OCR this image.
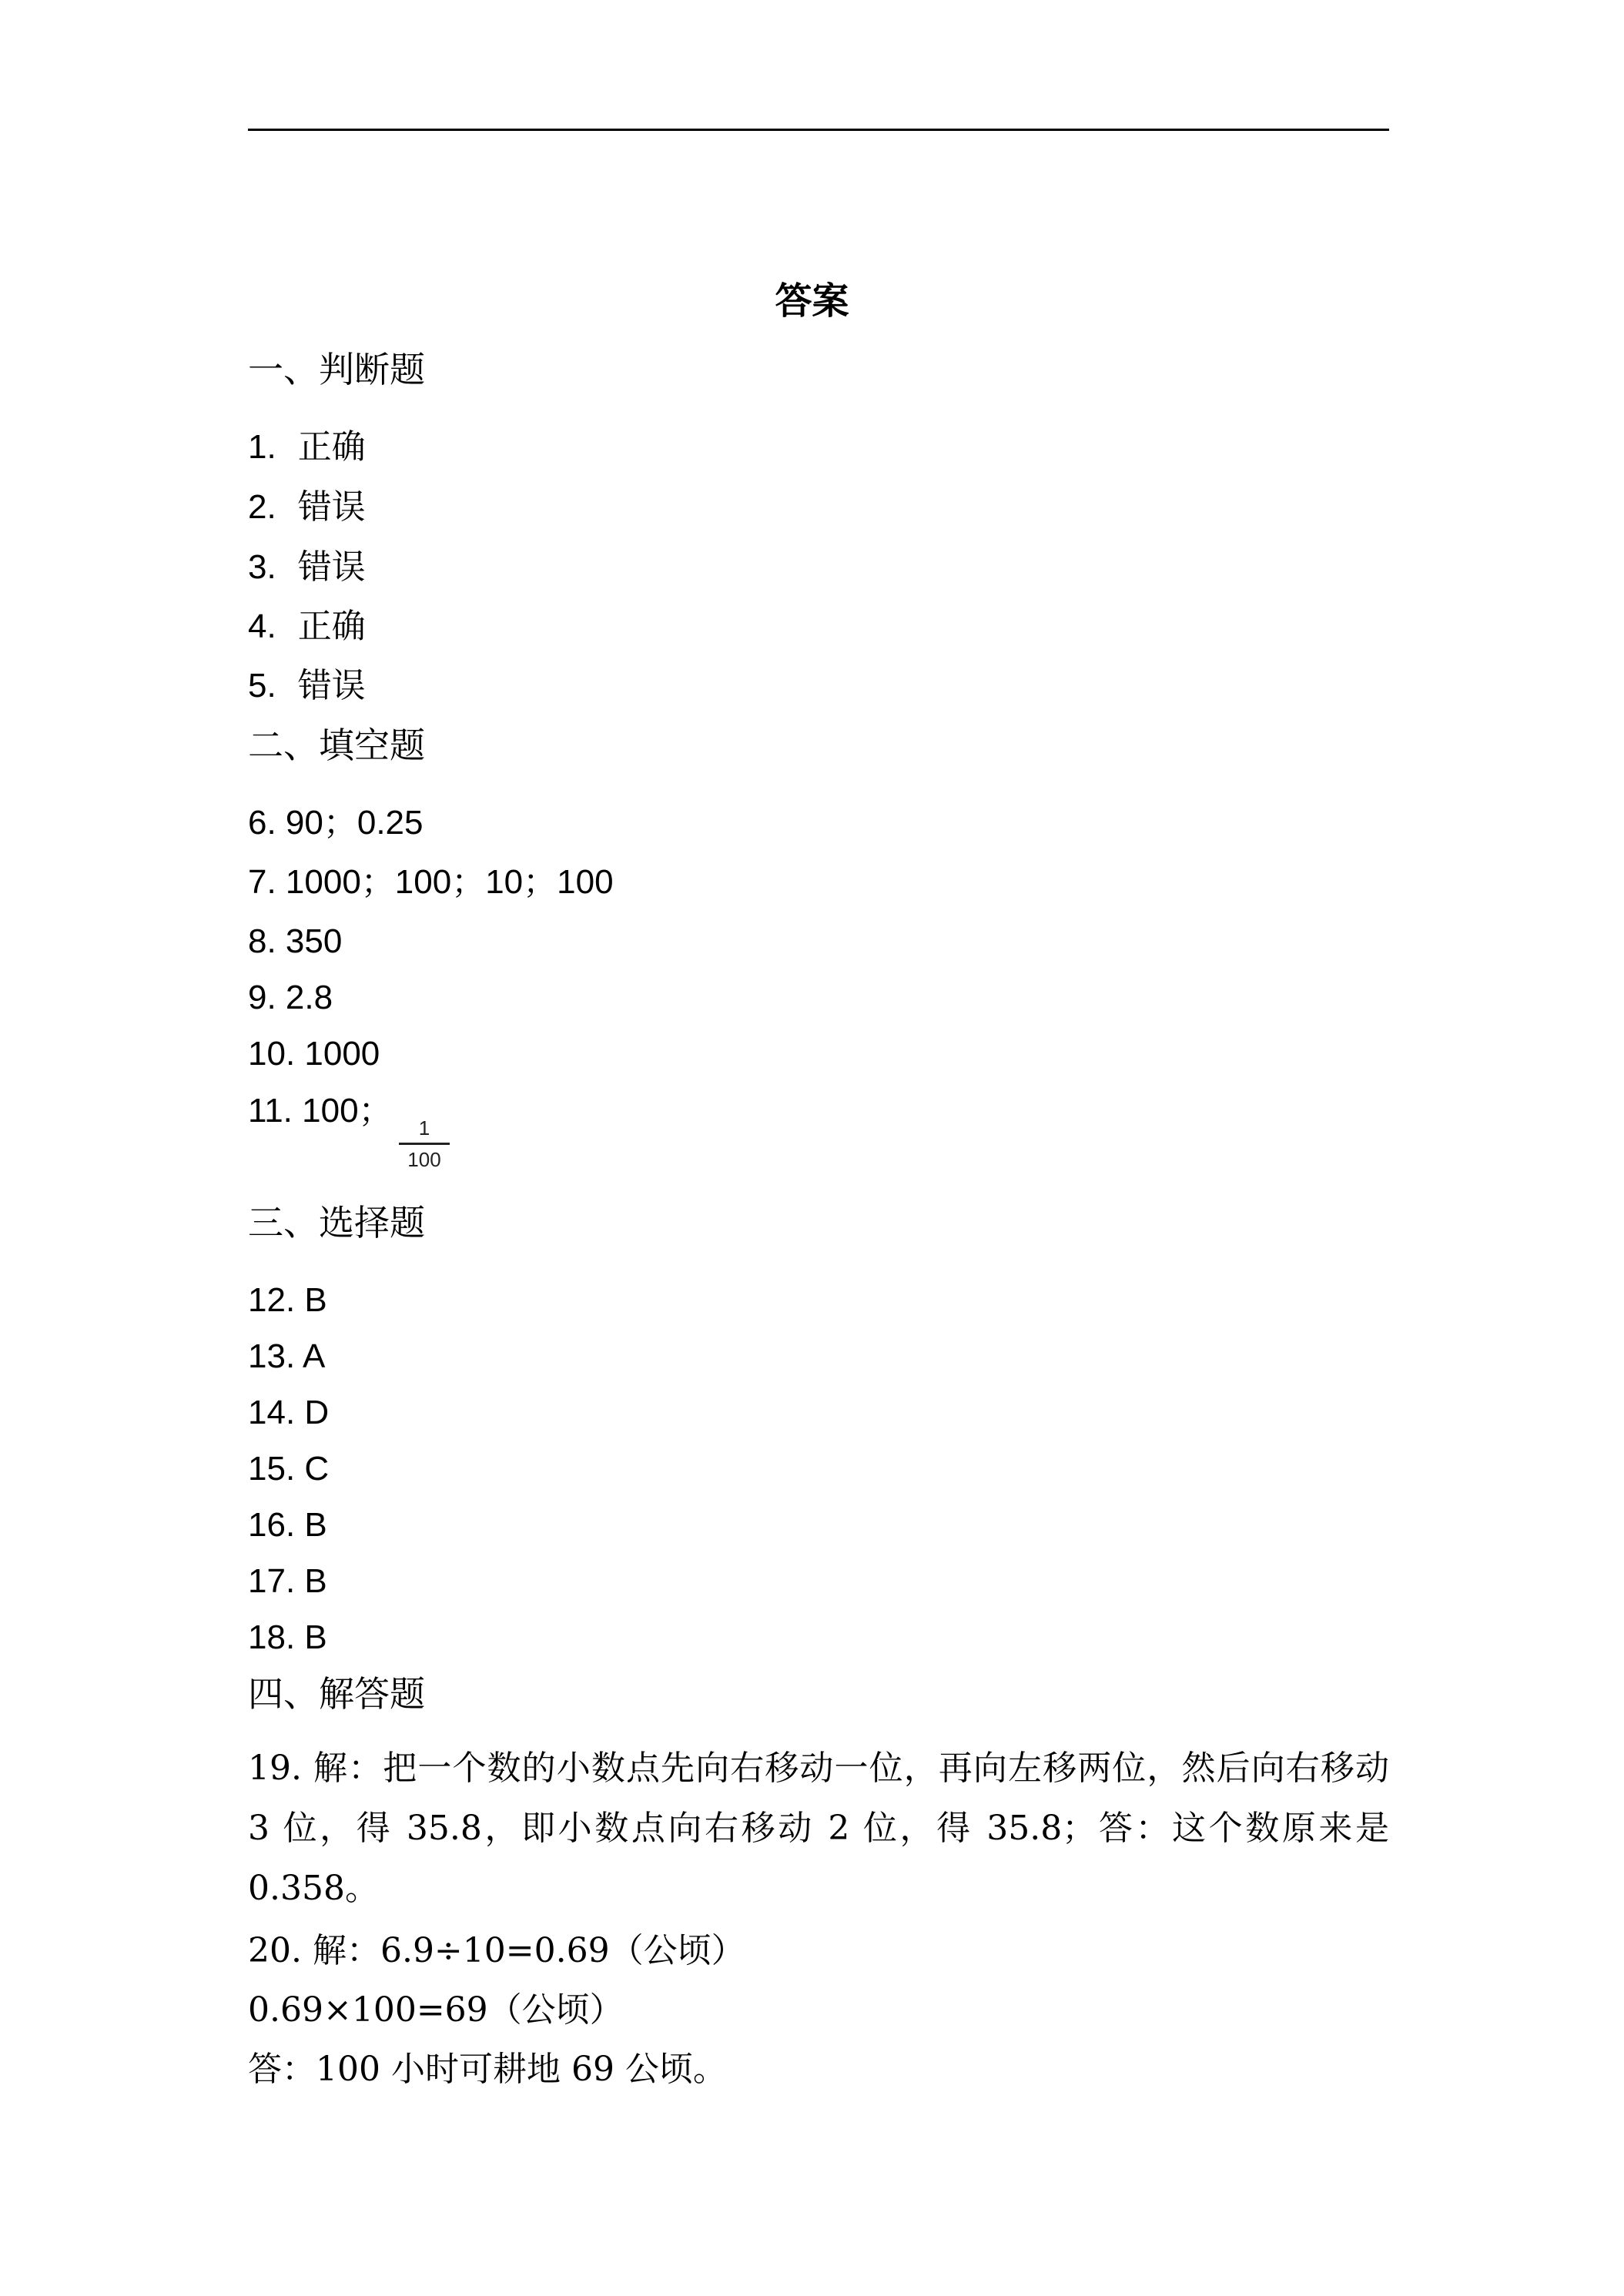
答案
一、判断题
1. 正确
2. 错误
3. 错误
4. 正确
5. 错误
二、填空题
6. 90；0.25
7. 1000；100；10；100
8. 350
9. 2.8
10. 1000
11. 100；	1
100
三、选择题
12. B
13. A
14. D
15. C
16. B
17. B
18. B
四、解答题
19. 解：把一个数的小数点先向右移动一位，再向左移两位，然后向右移动 3 位，得 35.8，即小数点向右移动 2 位，得 35.8；答：这个数原来是 0.358。
20. 解：6.9÷10=0.69（公顷）
0.69×100=69（公顷）
答：100 小时可耕地 69 公顷。
